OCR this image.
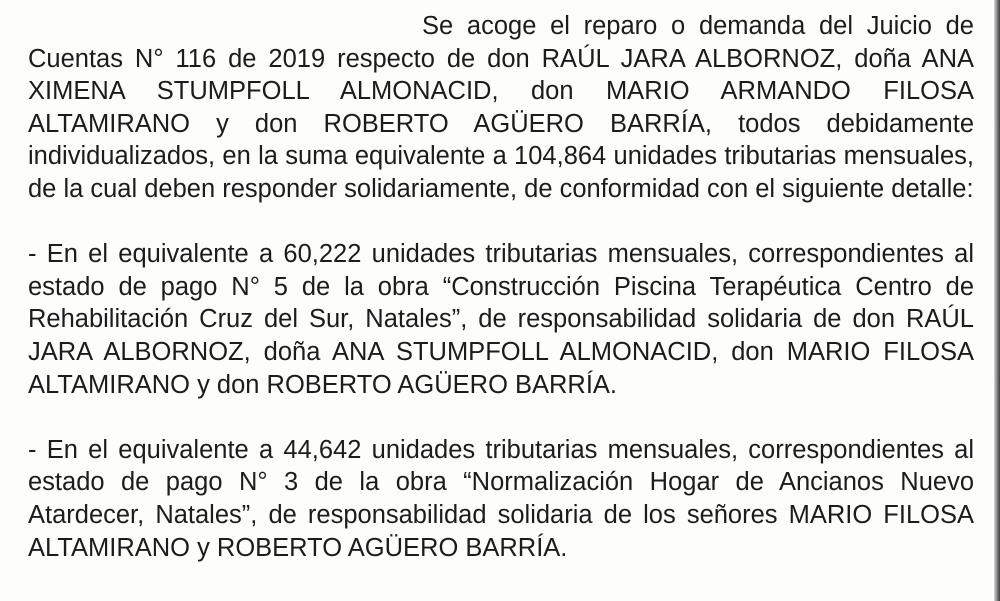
Se acoge el reparo o demanda del Juicio de Cuentas N° 116 de 2019 respecto de don RAÚL JARA ALBORNOZ, doña ANA XIMENA STUMPFOLL ALMONACID, don MARIO ARMANDO FILOSA ALTAMIRANO y don ROBERTO AGÜERO BARRÍA, todos debidamente individualizados, en la suma equivalente a 104,864 unidades tributarias mensuales, de la cual deben responder solidariamente, de conformidad con el siguiente detalle:

- En el equivalente a 60,222 unidades tributarias mensuales, correspondientes al estado de pago N° 5 de la obra “Construcción Piscina Terapéutica Centro de Rehabilitación Cruz del Sur, Natales”, de responsabilidad solidaria de don RAÚL JARA ALBORNOZ, doña ANA STUMPFOLL ALMONACID, don MARIO FILOSA ALTAMIRANO y don ROBERTO AGÜERO BARRÍA.

- En el equivalente a 44,642 unidades tributarias mensuales, correspondientes al estado de pago N° 3 de la obra “Normalización Hogar de Ancianos Nuevo Atardecer, Natales”, de responsabilidad solidaria de los señores MARIO FILOSA ALTAMIRANO y ROBERTO AGÜERO BARRÍA.
